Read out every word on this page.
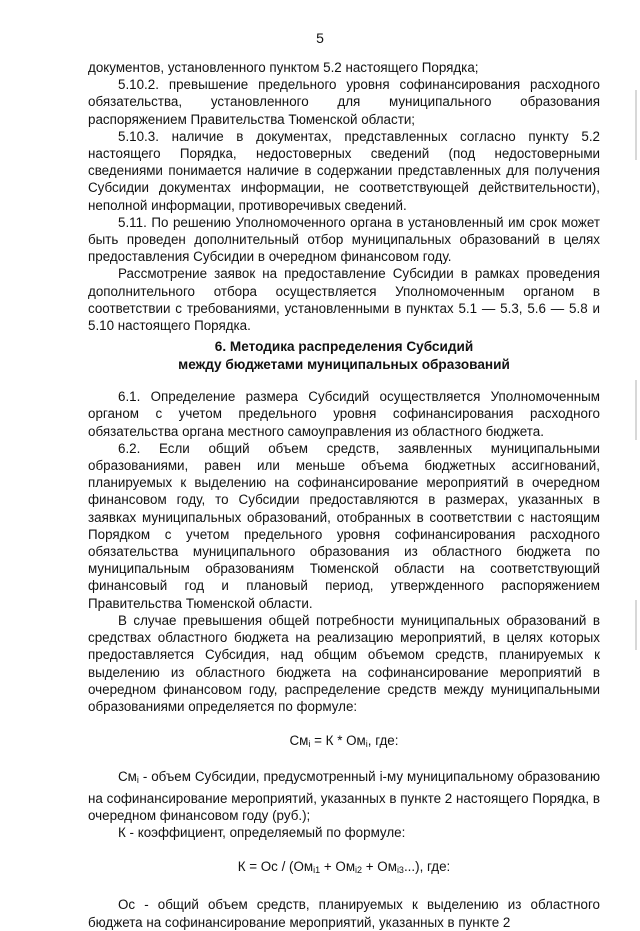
5

документов, установленного пунктом 5.2 настоящего Порядка;

5.10.2. превышение предельного уровня софинансирования расходного обязательства, установленного для муниципального образования распоряжением Правительства Тюменской области;

5.10.3. наличие в документах, представленных согласно пункту 5.2 настоящего Порядка, недостоверных сведений (под недостоверными сведениями понимается наличие в содержании представленных для получения Субсидии документах информации, не соответствующей действительности), неполной информации, противоречивых сведений.

5.11. По решению Уполномоченного органа в установленный им срок может быть проведен дополнительный отбор муниципальных образований в целях предоставления Субсидии в очередном финансовом году.

Рассмотрение заявок на предоставление Субсидии в рамках проведения дополнительного отбора осуществляется Уполномоченным органом в соответствии с требованиями, установленными в пунктах 5.1 — 5.3, 5.6 — 5.8 и 5.10 настоящего Порядка.

6. Методика распределения Субсидий
между бюджетами муниципальных образований

6.1. Определение размера Субсидий осуществляется Уполномоченным органом с учетом предельного уровня софинансирования расходного обязательства органа местного самоуправления из областного бюджета.

6.2. Если общий объем средств, заявленных муниципальными образованиями, равен или меньше объема бюджетных ассигнований, планируемых к выделению на софинансирование мероприятий в очередном финансовом году, то Субсидии предоставляются в размерах, указанных в заявках муниципальных образований, отобранных в соответствии с настоящим Порядком с учетом предельного уровня софинансирования расходного обязательства муниципального образования из областного бюджета по муниципальным образованиям Тюменской области на соответствующий финансовый год и плановый период, утвержденного распоряжением Правительства Тюменской области.

В случае превышения общей потребности муниципальных образований в средствах областного бюджета на реализацию мероприятий, в целях которых предоставляется Субсидия, над общим объемом средств, планируемых к выделению из областного бюджета на софинансирование мероприятий в очередном финансовом году, распределение средств между муниципальными образованиями определяется по формуле:

$См_i = К * Ом_i$, где:

$См_i$ - объем Субсидии, предусмотренный i-му муниципальному образованию на софинансирование мероприятий, указанных в пункте 2 настоящего Порядка, в очередном финансовом году (руб.);

К - коэффициент, определяемый по формуле:

К = Ос / $(Ом_{i1} + Ом_{i2} + Ом_{i3}...)$, где:

Ос - общий объем средств, планируемых к выделению из областного бюджета на софинансирование мероприятий, указанных в пункте 2
